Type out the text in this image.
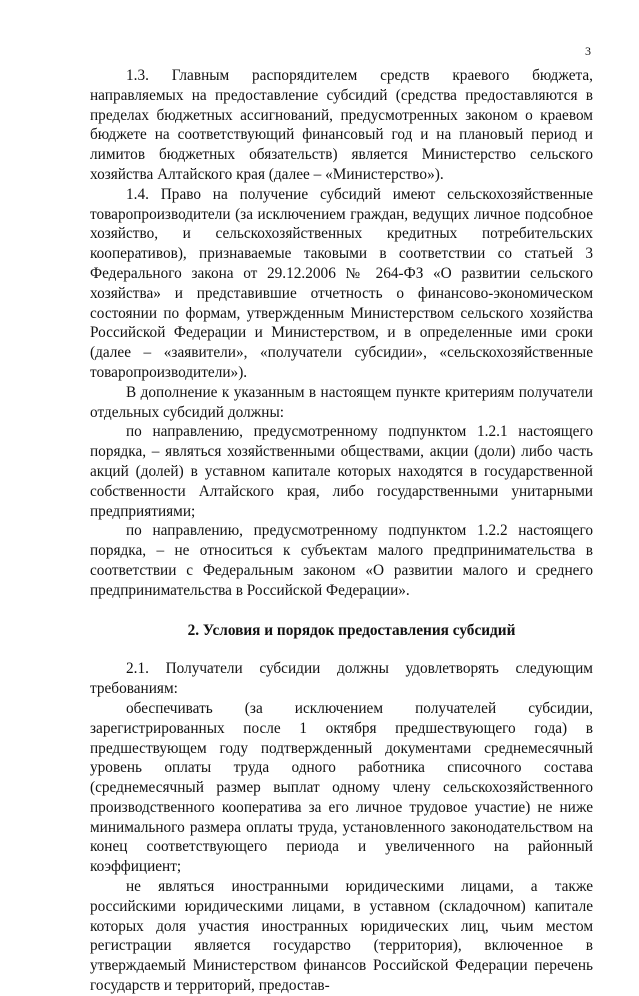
3

1.3. Главным распорядителем средств краевого бюджета, направляемых на предоставление субсидий (средства предоставляются в пределах бюджетных ассигнований, предусмотренных законом о краевом бюджете на соответствующий финансовый год и на плановый период и лимитов бюджетных обязательств) является Министерство сельского хозяйства Алтайского края (далее – «Министерство»).

1.4. Право на получение субсидий имеют сельскохозяйственные товаропроизводители (за исключением граждан, ведущих личное подсобное хозяйство, и сельскохозяйственных кредитных потребительских кооперативов), признаваемые таковыми в соответствии со статьей 3 Федерального закона от 29.12.2006 № 264-ФЗ «О развитии сельского хозяйства» и представившие отчетность о финансово-экономическом состоянии по формам, утвержденным Министерством сельского хозяйства Российской Федерации и Министерством, и в определенные ими сроки (далее – «заявители», «получатели субсидии», «сельскохозяйственные товаропроизводители»).

В дополнение к указанным в настоящем пункте критериям получатели отдельных субсидий должны:

по направлению, предусмотренному подпунктом 1.2.1 настоящего порядка, – являться хозяйственными обществами, акции (доли) либо часть акций (долей) в уставном капитале которых находятся в государственной собственности Алтайского края, либо государственными унитарными предприятиями;

по направлению, предусмотренному подпунктом 1.2.2 настоящего порядка, – не относиться к субъектам малого предпринимательства в соответствии с Федеральным законом «О развитии малого и среднего предпринимательства в Российской Федерации».

2. Условия и порядок предоставления субсидий

2.1. Получатели субсидии должны удовлетворять следующим требованиям:

обеспечивать (за исключением получателей субсидии, зарегистрированных после 1 октября предшествующего года) в предшествующем году подтвержденный документами среднемесячный уровень оплаты труда одного работника списочного состава (среднемесячный размер выплат одному члену сельскохозяйственного производственного кооператива за его личное трудовое участие) не ниже минимального размера оплаты труда, установленного законодательством на конец соответствующего периода и увеличенного на районный коэффициент;

не являться иностранными юридическими лицами, а также российскими юридическими лицами, в уставном (складочном) капитале которых доля участия иностранных юридических лиц, чьим местом регистрации является государство (территория), включенное в утверждаемый Министерством финансов Российской Федерации перечень государств и территорий, предостав-
